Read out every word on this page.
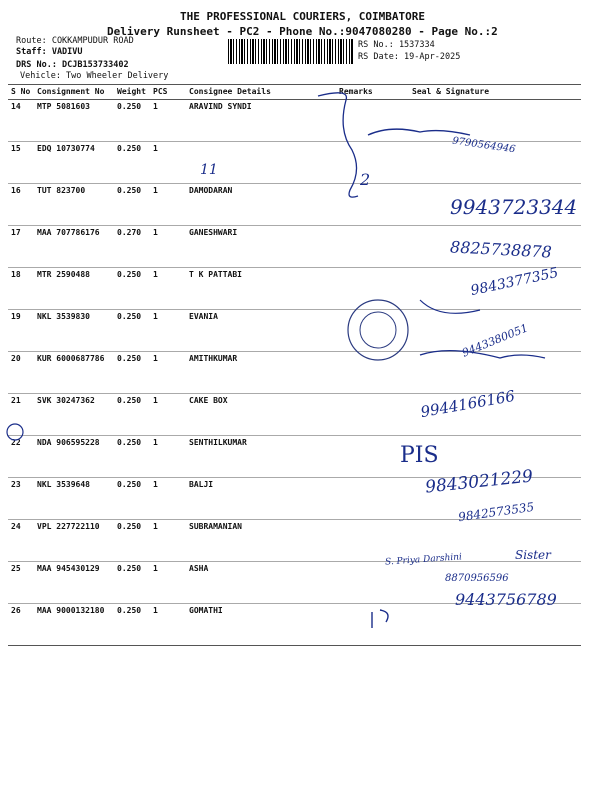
THE PROFESSIONAL COURIERS, COIMBATORE
Delivery Runsheet - PC2 - Phone No.:9047080280 - Page No.:2
Route: COKKAMPUDUR ROAD
Staff: VADIVU
DRS No.: DCJB153733402
Vehicle: Two Wheeler Delivery
RS No.: 1537334
RS Date: 19-Apr-2025
S No	Consignment No	Weight	PCS	Consignee Details	Remarks	Seal & Signature
14	MTP 5081603	0.250	1	ARAVIND SYNDI		
15	EDQ 10730774	0.250	1			
16	TUT 823700	0.250	1	DAMODARAN		
17	MAA 707786176	0.270	1	GANESHWARI		
18	MTR 2590488	0.250	1	T K PATTABI		
19	NKL 3539830	0.250	1	EVANIA		
20	KUR 6000687786	0.250	1	AMITHKUMAR		
21	SVK 30247362	0.250	1	CAKE BOX		
22	NDA 906595228	0.250	1	SENTHILKUMAR		
23	NKL 3539648	0.250	1	BALJI		
24	VPL 227722110	0.250	1	SUBRAMANIAN		
25	MAA 945430129	0.250	1	ASHA		
26	MAA 9000132180	0.250	1	GOMATHI		
2
11
9790564946
9943723344
8825738878
9843377355
9443380051
9944166166
PIS
9843021229
9842573535
S. Priya Darshini
8870956596
Sister
9443756789
